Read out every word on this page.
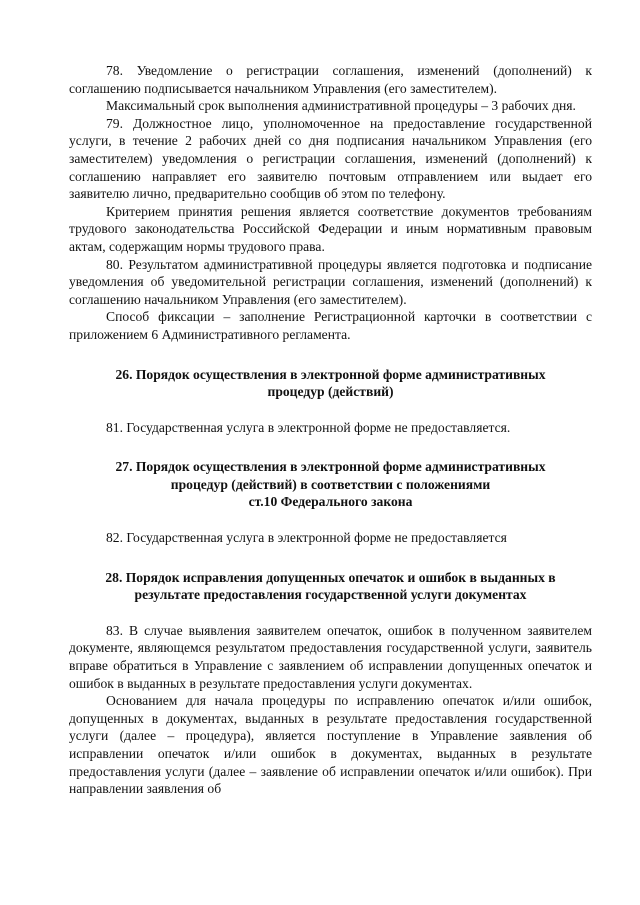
78. Уведомление о регистрации соглашения, изменений (дополнений) к соглашению подписывается начальником Управления (его заместителем).

Максимальный срок выполнения административной процедуры – 3 рабочих дня.

79. Должностное лицо, уполномоченное на предоставление государственной услуги, в течение 2 рабочих дней со дня подписания начальником Управления (его заместителем) уведомления о регистрации соглашения, изменений (дополнений) к соглашению направляет его заявителю почтовым отправлением или выдает его заявителю лично, предварительно сообщив об этом по телефону.

Критерием принятия решения является соответствие документов требованиям трудового законодательства Российской Федерации и иным нормативным правовым актам, содержащим нормы трудового права.

80. Результатом административной процедуры является подготовка и подписание уведомления об уведомительной регистрации соглашения, изменений (дополнений) к соглашению начальником Управления (его заместителем).

Способ фиксации – заполнение Регистрационной карточки в соответствии с приложением 6 Административного регламента.

26. Порядок осуществления в электронной форме административных
процедур (действий)

81. Государственная услуга в электронной форме не предоставляется.

27. Порядок осуществления в электронной форме административных
процедур (действий) в соответствии с положениями
ст.10 Федерального закона

82. Государственная услуга в электронной форме не предоставляется

28. Порядок исправления допущенных опечаток и ошибок в выданных в
результате предоставления государственной услуги документах

83. В случае выявления заявителем опечаток, ошибок в полученном заявителем документе, являющемся результатом предоставления государственной услуги, заявитель вправе обратиться в Управление с заявлением об исправлении допущенных опечаток и ошибок в выданных в результате предоставления услуги документах.

Основанием для начала процедуры по исправлению опечаток и/или ошибок, допущенных в документах, выданных в результате предоставления государственной услуги (далее – процедура), является поступление в Управление заявления об исправлении опечаток и/или ошибок в документах, выданных в результате предоставления услуги (далее – заявление об исправлении опечаток и/или ошибок). При направлении заявления об
